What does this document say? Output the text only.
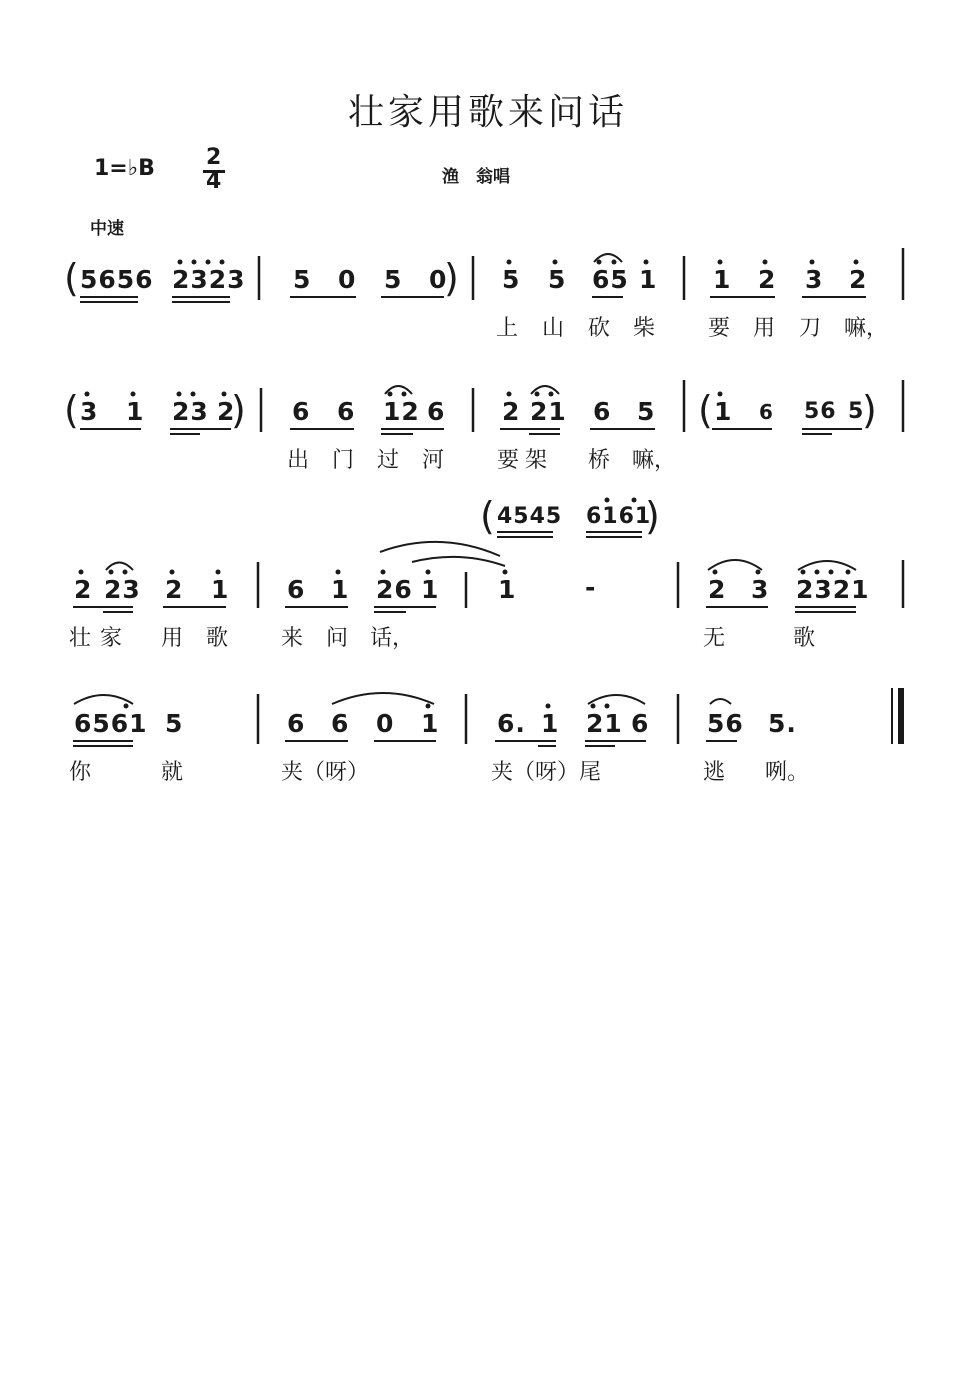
壮家用歌来问话
1=♭B 2
4	渔　翁唱
中速
( 5656 2323 5 0 5 0
) 5 5 65 1 1 2 3 2
上 山 砍 柴 要 用 刀 嘛，
( 3 1 23 2
) 6 6 12 6 2 21 6 5 ( 1 6 56 5
)
出 门 过 河 要 架 桥 嘛，
( 4545 6161
)
2 23 2 1 6 1 26 1 1	-	2 3 2321
壮 家 用 歌 来 问 话，	无	歌
6561 5	6 6 0 1 6. 1 21 6 56 5.
你	就	夹（呀）	夹（呀）尾	逃 咧。
